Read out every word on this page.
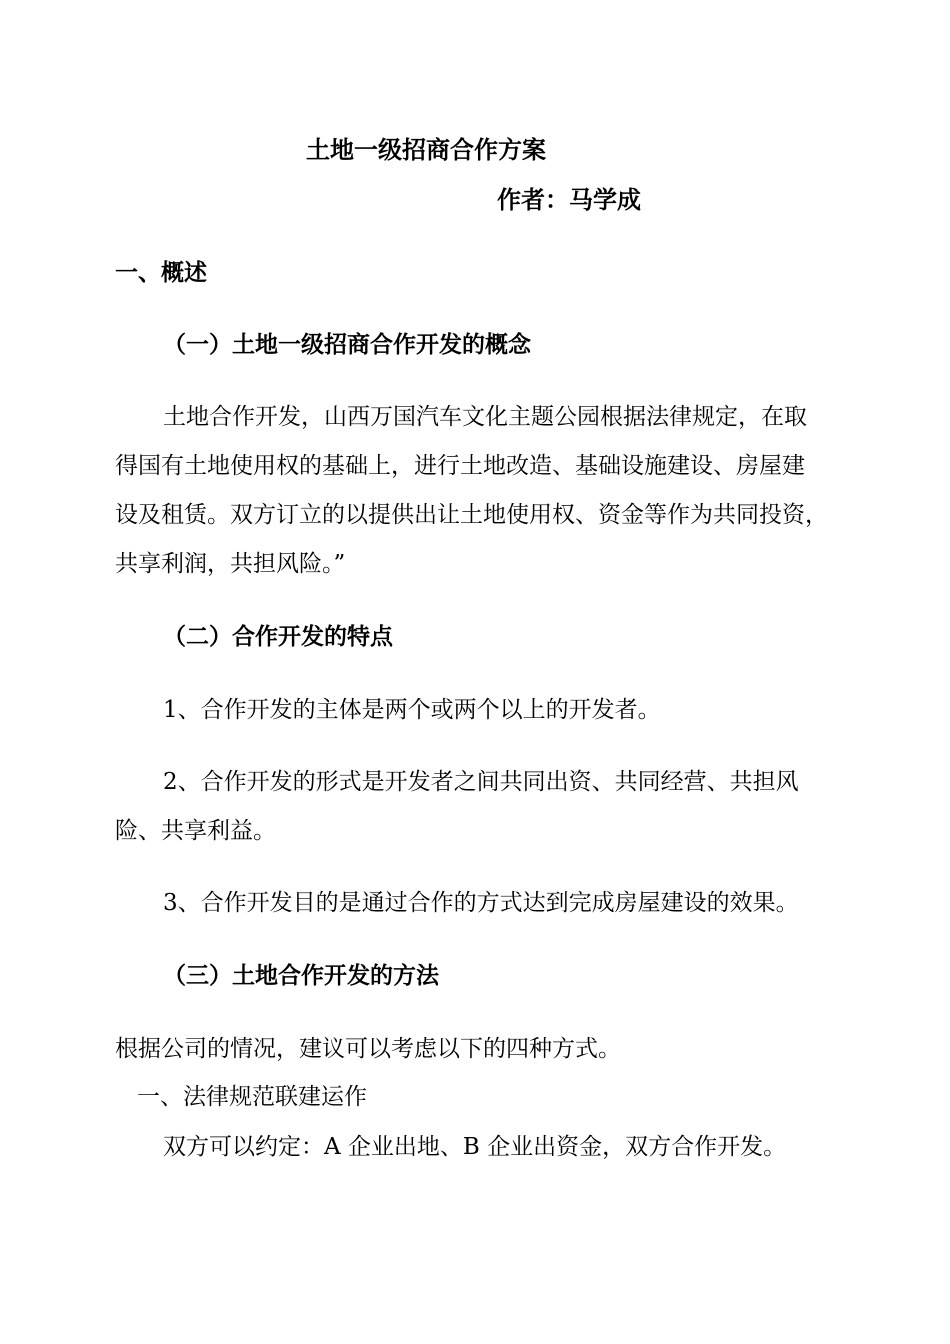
土地一级招商合作方案
作者：马学成
一、概述
（一）土地一级招商合作开发的概念
土地合作开发，山西万国汽车文化主题公园根据法律规定，在取
得国有土地使用权的基础上，进行土地改造、基础设施建设、房屋建
设及租赁。双方订立的以提供出让土地使用权、资金等作为共同投资，
共享利润，共担风险。”
（二）合作开发的特点
1、合作开发的主体是两个或两个以上的开发者。
2、合作开发的形式是开发者之间共同出资、共同经营、共担风
险、共享利益。
3、合作开发目的是通过合作的方式达到完成房屋建设的效果。
（三）土地合作开发的方法
根据公司的情况，建议可以考虑以下的四种方式。
一、法律规范联建运作
双方可以约定：A 企业出地、B 企业出资金，双方合作开发。
